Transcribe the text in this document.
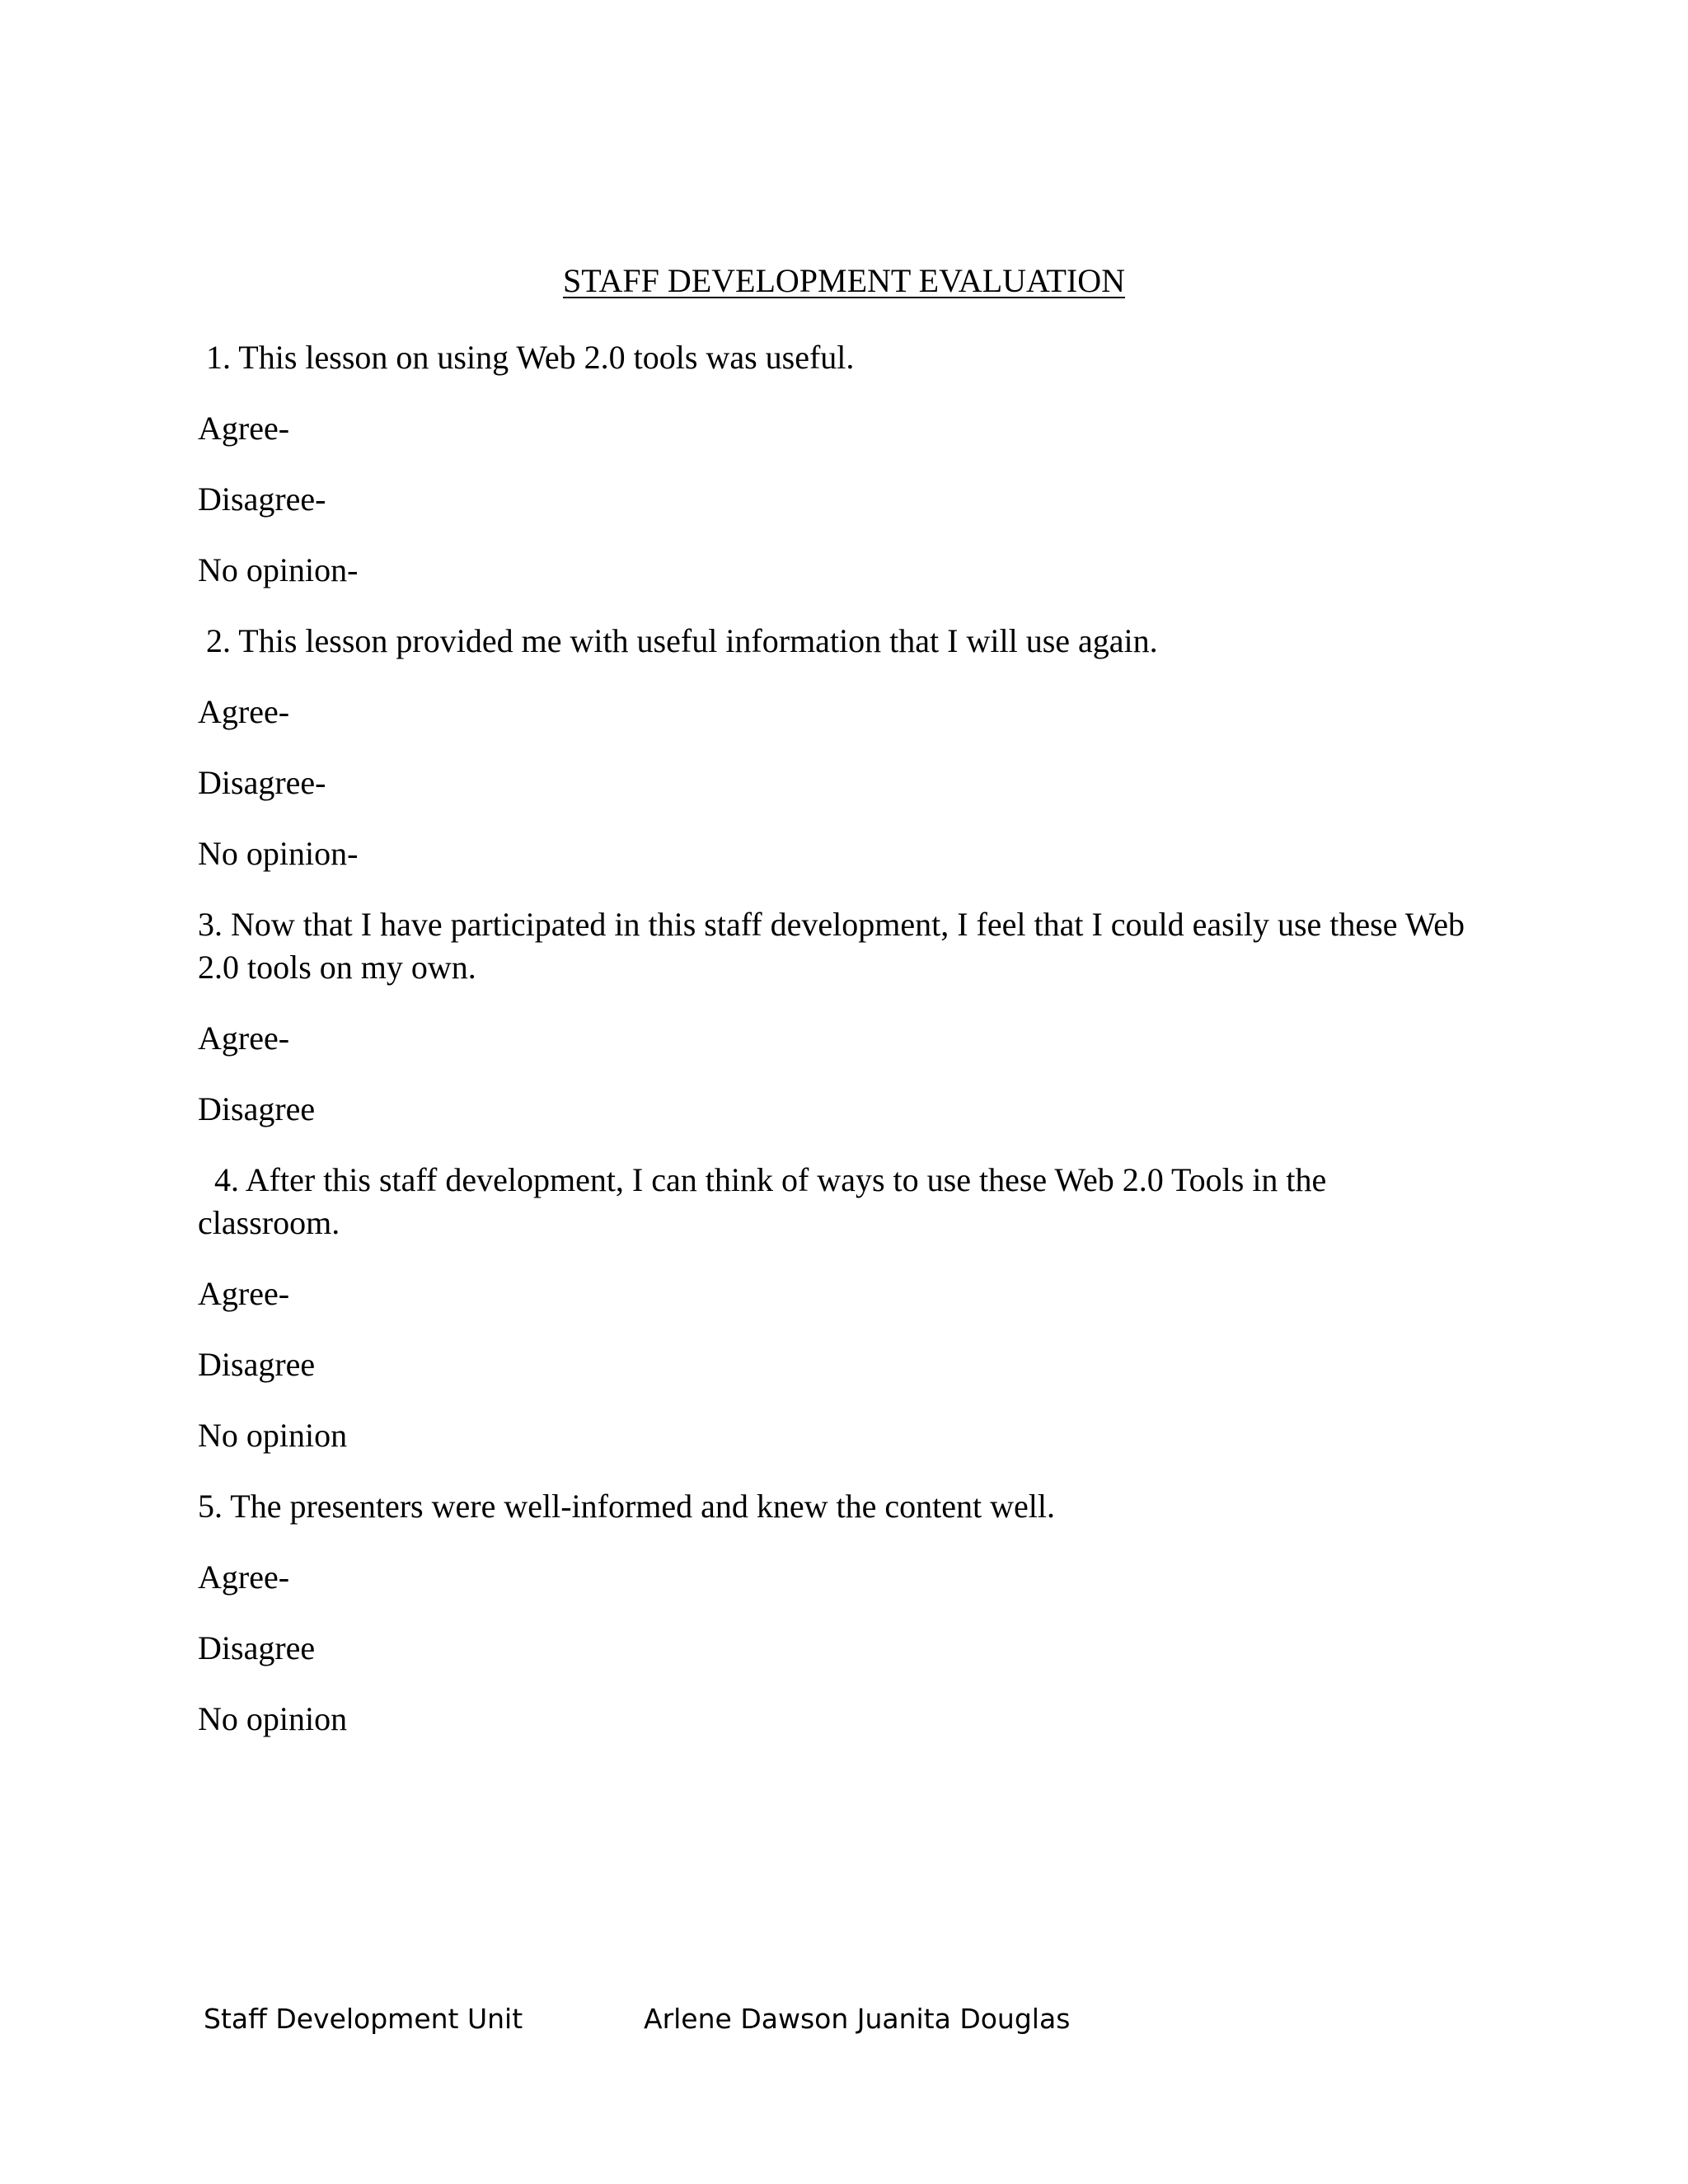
STAFF DEVELOPMENT EVALUATION
1. This lesson on using Web 2.0 tools was useful.
Agree-
Disagree-
No opinion-
2. This lesson provided me with useful information that I will use again.
Agree-
Disagree-
No opinion-
3. Now that I have participated in this staff development, I feel that I could easily use these Web
2.0 tools on my own.
Agree-
Disagree
4. After this staff development, I can think of ways to use these Web 2.0 Tools in the
classroom.
Agree-
Disagree
No opinion
5. The presenters were well-informed and knew the content well.
Agree-
Disagree
No opinion
Staff Development Unit	Arlene Dawson Juanita Douglas
